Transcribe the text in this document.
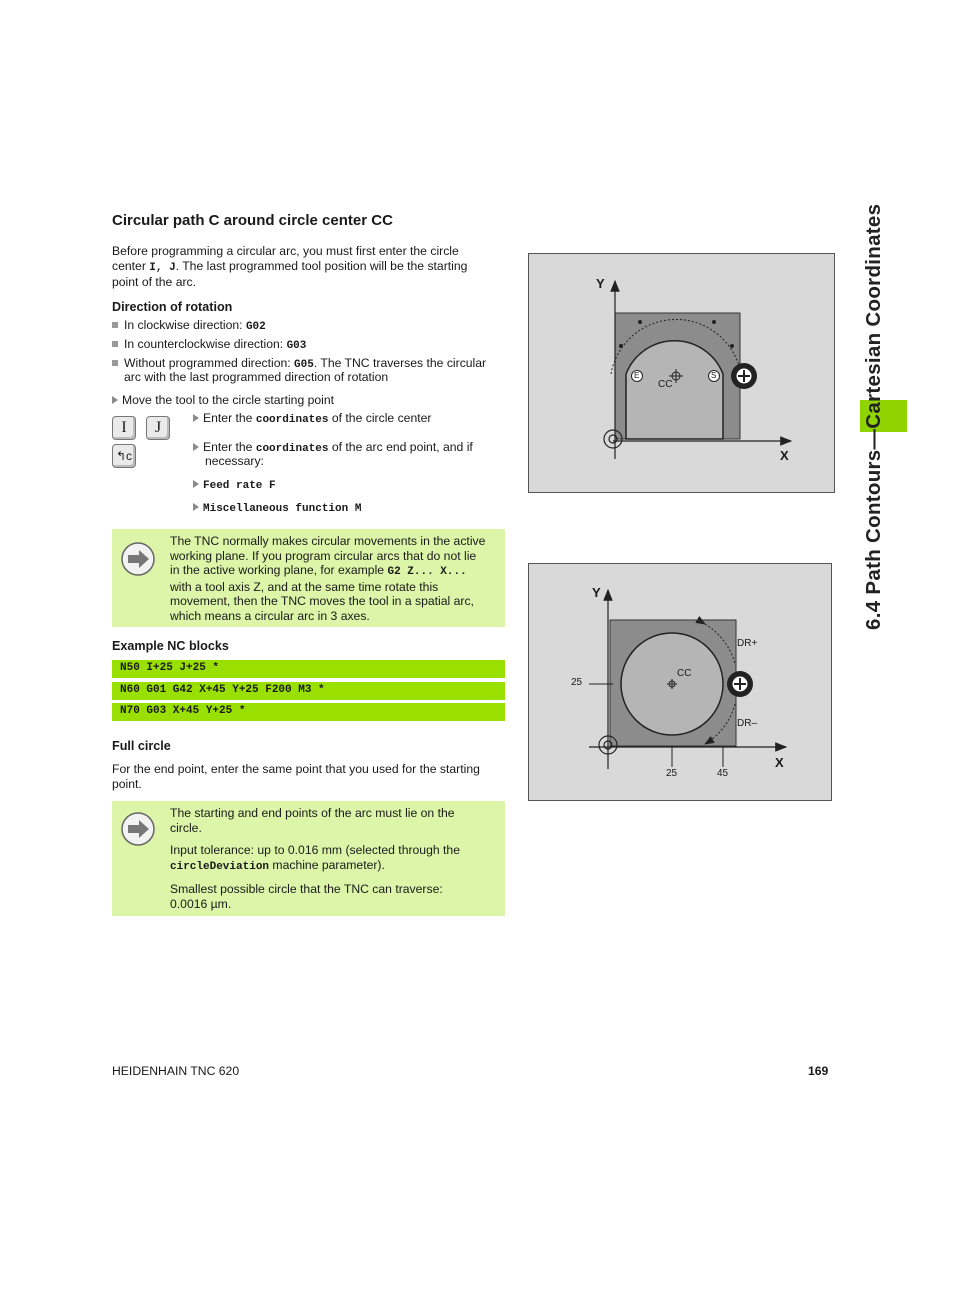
Circular path C around circle center CC
Before programming a circular arc, you must first enter the circle
center I, J. The last programmed tool position will be the starting
point of the arc.
Direction of rotation
In clockwise direction: G02
In counterclockwise direction: G03
Without programmed direction: G05. The TNC traverses the circular
arc with the last programmed direction of rotation
Move the tool to the circle starting point
Enter the coordinates of the circle center
Enter the coordinates of the arc end point, and if
necessary:
Feed rate F
Miscellaneous function M
I	J
↰c
The TNC normally makes circular movements in the active
working plane. If you program circular arcs that do not lie
in the active working plane, for example G2 Z... X...
with a tool axis Z, and at the same time rotate this
movement, then the TNC moves the tool in a spatial arc,
which means a circular arc in 3 axes.
Example NC blocks
N50 I+25 J+25 *
N60 G01 G42 X+45 Y+25 F200 M3 *
N70 G03 X+45 Y+25 *
Full circle
For the end point, enter the same point that you used for the starting
point.
The starting and end points of the arc must lie on the
circle.
Input tolerance: up to 0.016 mm (selected through the
circleDeviation machine parameter).
Smallest possible circle that the TNC can traverse:
0.0016 µm.
Y
X
CC
E	S
Y
X
CC
DR+
DR–
25
25	45
6.4 Path Contours—Cartesian Coordinates
HEIDENHAIN TNC 620	169
